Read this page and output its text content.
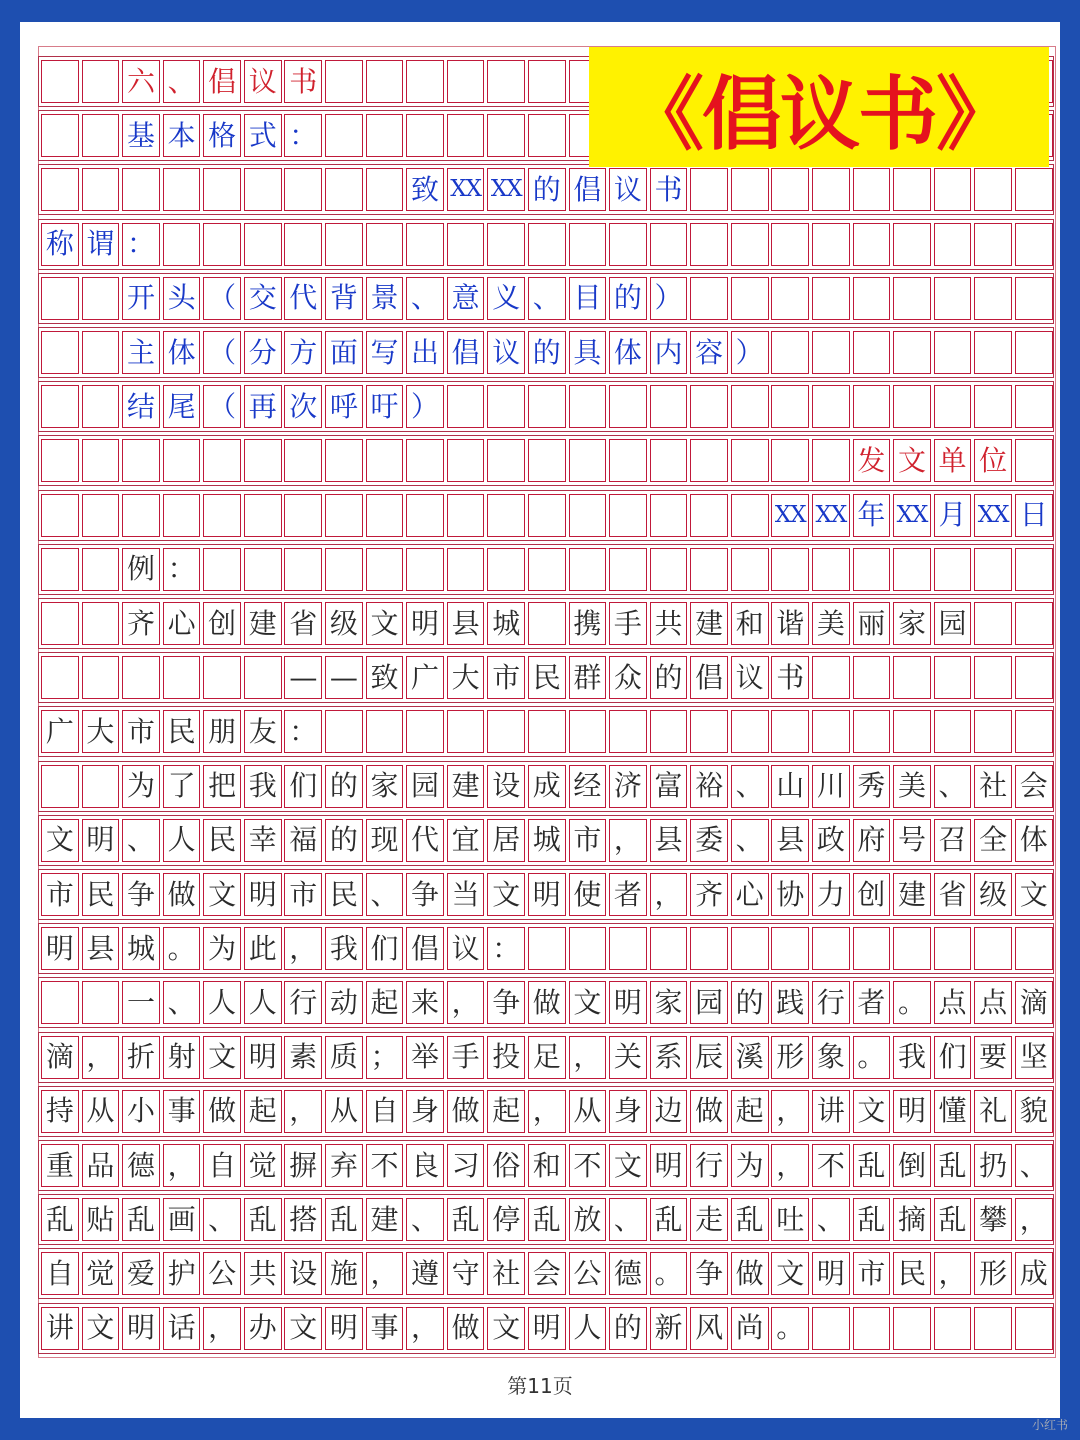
六 、 倡 议 书
基 本 格 式 ：
致 XX XX 的 倡 议 书
称 谓 ：
开 头 （ 交 代 背 景 、 意 义 、 目 的 ）
主 体 （ 分 方 面 写 出 倡 议 的 具 体 内 容 ）
结 尾 （ 再 次 呼 吁 ）
发 文 单 位
XX XX 年 XX 月 XX 日
例 ：
齐 心 创 建 省 级 文 明 县 城 携 手 共 建 和 谐 美 丽 家 园
— — 致 广 大 市 民 群 众 的 倡 议 书
广 大 市 民 朋 友 ：
为 了 把 我 们 的 家 园 建 设 成 经 济 富 裕 、 山 川 秀 美 、 社 会
文 明 、 人 民 幸 福 的 现 代 宜 居 城 市 ， 县 委 、 县 政 府 号 召 全 体
市 民 争 做 文 明 市 民 、 争 当 文 明 使 者 ， 齐 心 协 力 创 建 省 级 文
明 县 城 。 为 此 ， 我 们 倡 议 ：
一 、 人 人 行 动 起 来 ， 争 做 文 明 家 园 的 践 行 者 。 点 点 滴
滴 ， 折 射 文 明 素 质 ； 举 手 投 足 ， 关 系 辰 溪 形 象 。 我 们 要 坚
持 从 小 事 做 起 ， 从 自 身 做 起 ， 从 身 边 做 起 ， 讲 文 明 懂 礼 貌
重 品 德 ， 自 觉 摒 弃 不 良 习 俗 和 不 文 明 行 为 ， 不 乱 倒 乱 扔 、
乱 贴 乱 画 、 乱 搭 乱 建 、 乱 停 乱 放 、 乱 走 乱 吐 、 乱 摘 乱 攀 ，
自 觉 爱 护 公 共 设 施 ， 遵 守 社 会 公 德 。 争 做 文 明 市 民 ， 形 成
讲 文 明 话 ， 办 文 明 事 ， 做 文 明 人 的 新 风 尚 。
第11页
小红书
《倡议书》
